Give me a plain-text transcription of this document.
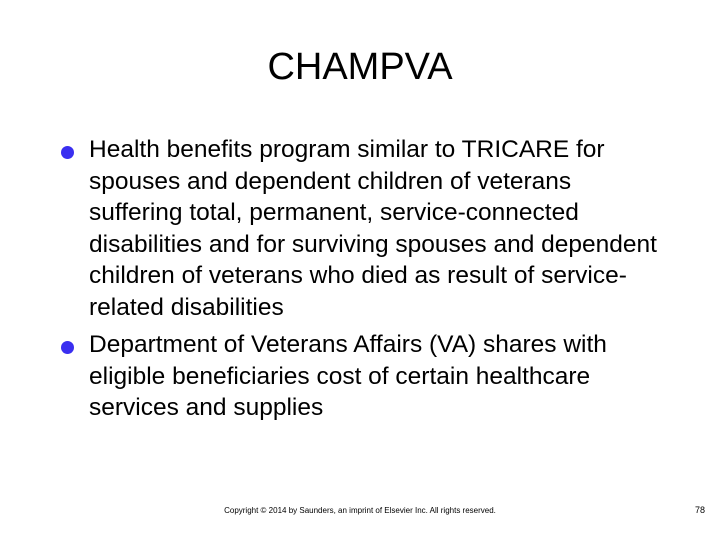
CHAMPVA
Health benefits program similar to TRICARE for spouses and dependent children of veterans suffering total, permanent, service-connected disabilities and for surviving spouses and dependent children of veterans who died as result of service-related disabilities
Department of Veterans Affairs (VA) shares with eligible beneficiaries cost of certain healthcare services and supplies
Copyright © 2014 by Saunders, an imprint of Elsevier Inc. All rights reserved.	78
